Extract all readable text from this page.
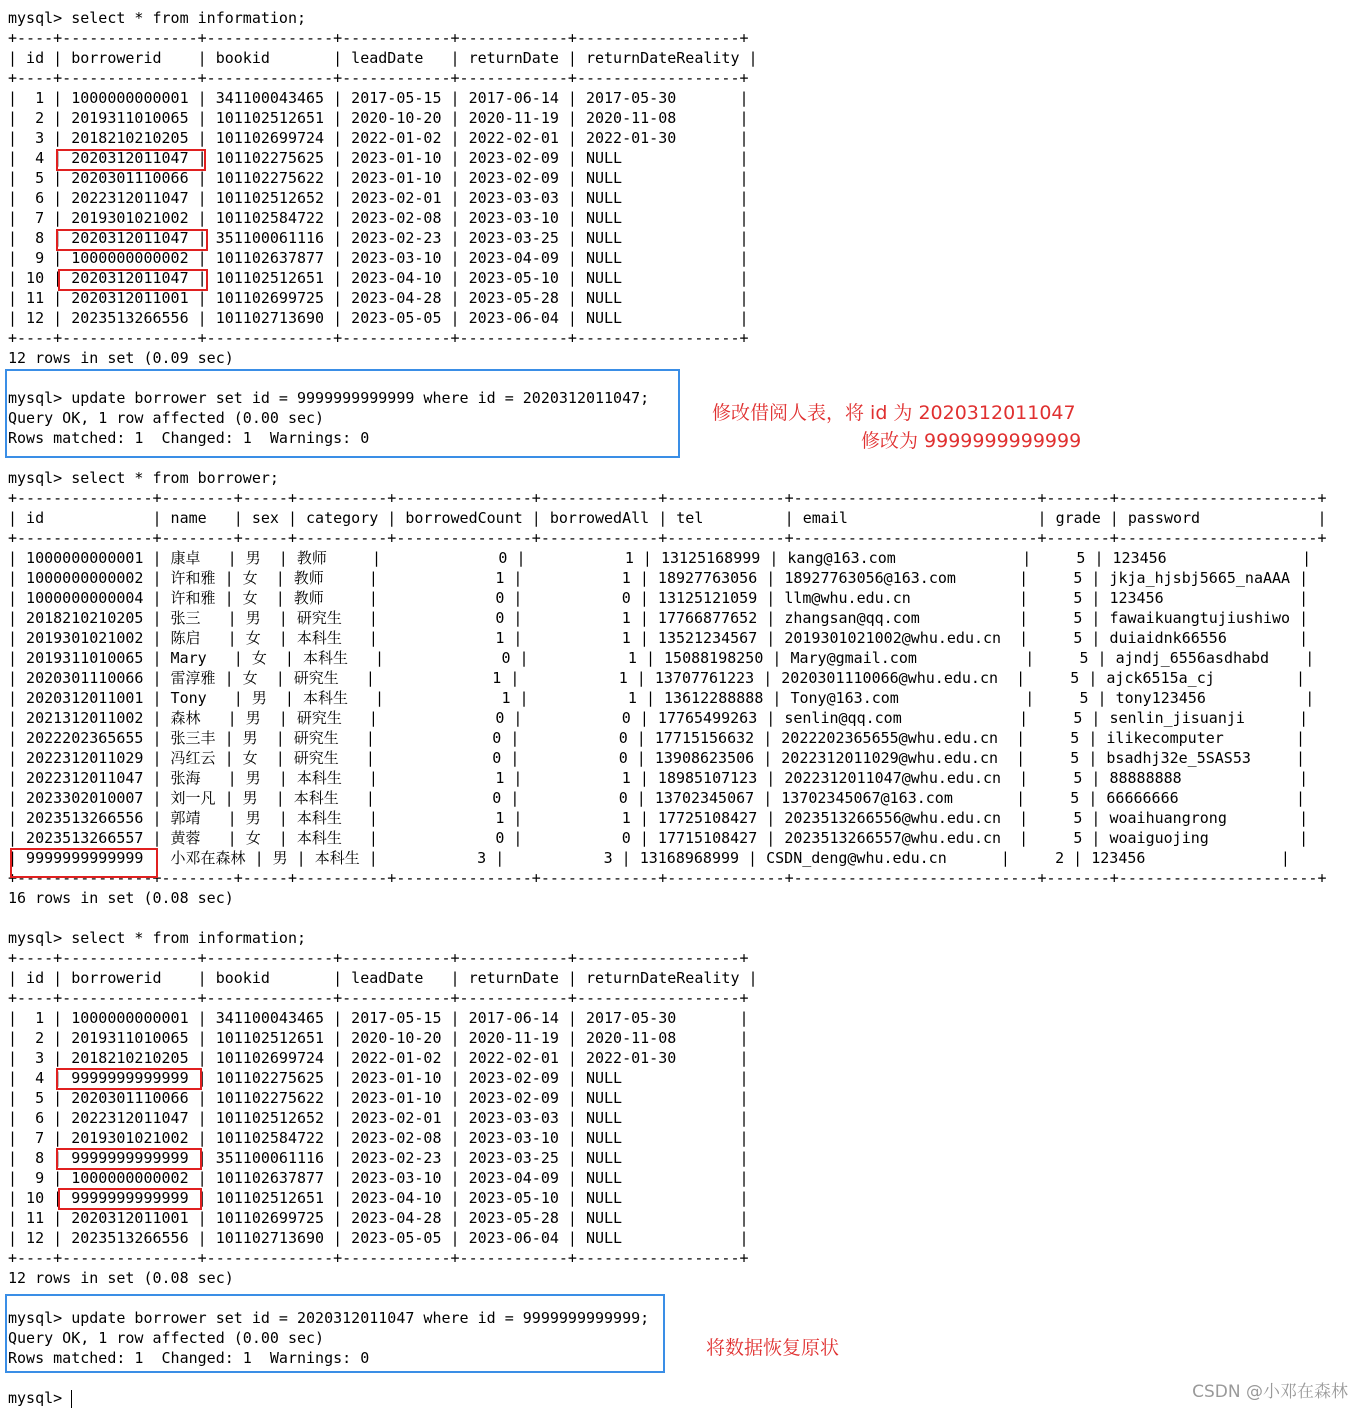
mysql> select * from information;
+----+---------------+--------------+------------+------------+------------------+
| id | borrowerid    | bookid       | leadDate   | returnDate | returnDateReality |
+----+---------------+--------------+------------+------------+------------------+
|  1 | 1000000000001 | 341100043465 | 2017-05-15 | 2017-06-14 | 2017-05-30       |
|  2 | 2019311010065 | 101102512651 | 2020-10-20 | 2020-11-19 | 2020-11-08       |
|  3 | 2018210210205 | 101102699724 | 2022-01-02 | 2022-02-01 | 2022-01-30       |
|  4 | 2020312011047 | 101102275625 | 2023-01-10 | 2023-02-09 | NULL             |
|  5 | 2020301110066 | 101102275622 | 2023-01-10 | 2023-02-09 | NULL             |
|  6 | 2022312011047 | 101102512652 | 2023-02-01 | 2023-03-03 | NULL             |
|  7 | 2019301021002 | 101102584722 | 2023-02-08 | 2023-03-10 | NULL             |
|  8 | 2020312011047 | 351100061116 | 2023-02-23 | 2023-03-25 | NULL             |
|  9 | 1000000000002 | 101102637877 | 2023-03-10 | 2023-04-09 | NULL             |
| 10 | 2020312011047 | 101102512651 | 2023-04-10 | 2023-05-10 | NULL             |
| 11 | 2020312011001 | 101102699725 | 2023-04-28 | 2023-05-28 | NULL             |
| 12 | 2023513266556 | 101102713690 | 2023-05-05 | 2023-06-04 | NULL             |
+----+---------------+--------------+------------+------------+------------------+
12 rows in set (0.09 sec)
mysql> update borrower set id = 9999999999999 where id = 2020312011047;
Query OK, 1 row affected (0.00 sec)
Rows matched: 1  Changed: 1  Warnings: 0
mysql> select * from borrower;
+---------------+--------+-----+----------+---------------+-------------+-------------+---------------------------+-------+----------------------+
| id            | name   | sex | category | borrowedCount | borrowedAll | tel         | email                     | grade | password             |
+---------------+--------+-----+----------+---------------+-------------+-------------+---------------------------+-------+----------------------+
| 1000000000001 | 康卓   | 男  | 教师     |             0 |           1 | 13125168999 | kang@163.com              |     5 | 123456               |
| 1000000000002 | 许和雅 | 女  | 教师     |             1 |           1 | 18927763056 | 18927763056@163.com       |     5 | jkja_hjsbj5665_naAAA |
| 1000000000004 | 许和雅 | 女  | 教师     |             0 |           0 | 13125121059 | llm@whu.edu.cn            |     5 | 123456               |
| 2018210210205 | 张三   | 男  | 研究生   |             0 |           1 | 17766877652 | zhangsan@qq.com           |     5 | fawaikuangtujiushiwo |
| 2019301021002 | 陈启   | 女  | 本科生   |             1 |           1 | 13521234567 | 2019301021002@whu.edu.cn  |     5 | duiaidnk66556        |
| 2019311010065 | Mary   | 女  | 本科生   |             0 |           1 | 15088198250 | Mary@gmail.com            |     5 | ajndj_6556asdhabd    |
| 2020301110066 | 雷淳雅 | 女  | 研究生   |             1 |           1 | 13707761223 | 2020301110066@whu.edu.cn  |     5 | ajck6515a_cj         |
| 2020312011001 | Tony   | 男  | 本科生   |             1 |           1 | 13612288888 | Tony@163.com              |     5 | tony123456           |
| 2021312011002 | 森林   | 男  | 研究生   |             0 |           0 | 17765499263 | senlin@qq.com             |     5 | senlin_jisuanji      |
| 2022202365655 | 张三丰 | 男  | 研究生   |             0 |           0 | 17715156632 | 2022202365655@whu.edu.cn  |     5 | ilikecomputer        |
| 2022312011029 | 冯红云 | 女  | 研究生   |             0 |           0 | 13908623506 | 2022312011029@whu.edu.cn  |     5 | bsadhj32e_5SAS53     |
| 2022312011047 | 张海   | 男  | 本科生   |             1 |           1 | 18985107123 | 2022312011047@whu.edu.cn  |     5 | 88888888             |
| 2023302010007 | 刘一凡 | 男  | 本科生   |             0 |           0 | 13702345067 | 13702345067@163.com       |     5 | 66666666             |
| 2023513266556 | 郭靖   | 男  | 本科生   |             1 |           1 | 17725108427 | 2023513266556@whu.edu.cn  |     5 | woaihuangrong        |
| 2023513266557 | 黄蓉   | 女  | 本科生   |             0 |           0 | 17715108427 | 2023513266557@whu.edu.cn  |     5 | woaiguojing          |
| 9999999999999 | 小邓在森林 | 男 | 本科生 |           3 |           3 | 13168968999 | CSDN_deng@whu.edu.cn      |     2 | 123456               |
+---------------+--------+-----+----------+---------------+-------------+-------------+---------------------------+-------+----------------------+
16 rows in set (0.08 sec)
mysql> select * from information;
+----+---------------+--------------+------------+------------+------------------+
| id | borrowerid    | bookid       | leadDate   | returnDate | returnDateReality |
+----+---------------+--------------+------------+------------+------------------+
|  1 | 1000000000001 | 341100043465 | 2017-05-15 | 2017-06-14 | 2017-05-30       |
|  2 | 2019311010065 | 101102512651 | 2020-10-20 | 2020-11-19 | 2020-11-08       |
|  3 | 2018210210205 | 101102699724 | 2022-01-02 | 2022-02-01 | 2022-01-30       |
|  4 | 9999999999999 | 101102275625 | 2023-01-10 | 2023-02-09 | NULL             |
|  5 | 2020301110066 | 101102275622 | 2023-01-10 | 2023-02-09 | NULL             |
|  6 | 2022312011047 | 101102512652 | 2023-02-01 | 2023-03-03 | NULL             |
|  7 | 2019301021002 | 101102584722 | 2023-02-08 | 2023-03-10 | NULL             |
|  8 | 9999999999999 | 351100061116 | 2023-02-23 | 2023-03-25 | NULL             |
|  9 | 1000000000002 | 101102637877 | 2023-03-10 | 2023-04-09 | NULL             |
| 10 | 9999999999999 | 101102512651 | 2023-04-10 | 2023-05-10 | NULL             |
| 11 | 2020312011001 | 101102699725 | 2023-04-28 | 2023-05-28 | NULL             |
| 12 | 2023513266556 | 101102713690 | 2023-05-05 | 2023-06-04 | NULL             |
+----+---------------+--------------+------------+------------+------------------+
12 rows in set (0.08 sec)
mysql> update borrower set id = 2020312011047 where id = 9999999999999;
Query OK, 1 row affected (0.00 sec)
Rows matched: 1  Changed: 1  Warnings: 0
mysql>
修改借阅人表，将 id 为 2020312011047
修改为 9999999999999
将数据恢复原状
CSDN @小邓在森林
